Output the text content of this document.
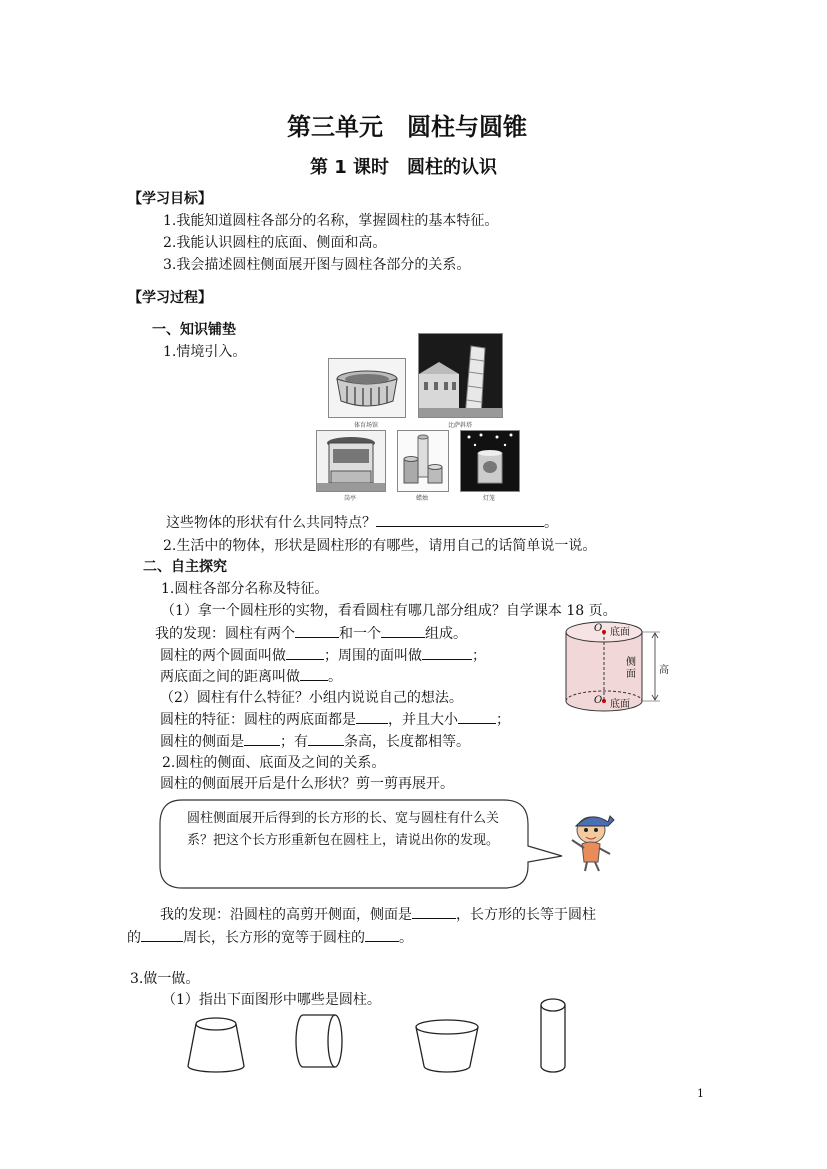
第三单元　圆柱与圆锥
第 1 课时　圆柱的认识
【学习目标】
1.我能知道圆柱各部分的名称，掌握圆柱的基本特征。
2.我能认识圆柱的底面、侧面和高。
3.我会描述圆柱侧面展开图与圆柱各部分的关系。
【学习过程】
一、知识铺垫
1.情境引入。
体育场馆	比萨斜塔
岗亭	蜡烛	灯笼
这些物体的形状有什么共同特点？	。
2.生活中的物体，形状是圆柱形的有哪些，请用自己的话简单说一说。
二、自主探究
1.圆柱各部分名称及特征。
（1）拿一个圆柱形的实物，看看圆柱有哪几部分组成？自学课本 18 页。
我的发现：圆柱有两个	和一个	组成。
圆柱的两个圆面叫做	；周围的面叫做	；
两底面之间的距离叫做 。
（2）圆柱有什么特征？小组内说说自己的想法。
圆柱的特征：圆柱的两底面都是 ，并且大小	；
圆柱的侧面是	；有	条高，长度都相等。
2.圆柱的侧面、底面及之间的关系。
圆柱的侧面展开后是什么形状？剪一剪再展开。
O 底面
侧面 高
O 底面
圆柱侧面展开后得到的长方形的长、宽与圆柱有什么关系？把这个长方形重新包在圆柱上，请说出你的发现。
我的发现：沿圆柱的高剪开侧面，侧面是	，长方形的长等于圆柱
的	周长，长方形的宽等于圆柱的 。
3.做一做。
（1）指出下面图形中哪些是圆柱。
1
